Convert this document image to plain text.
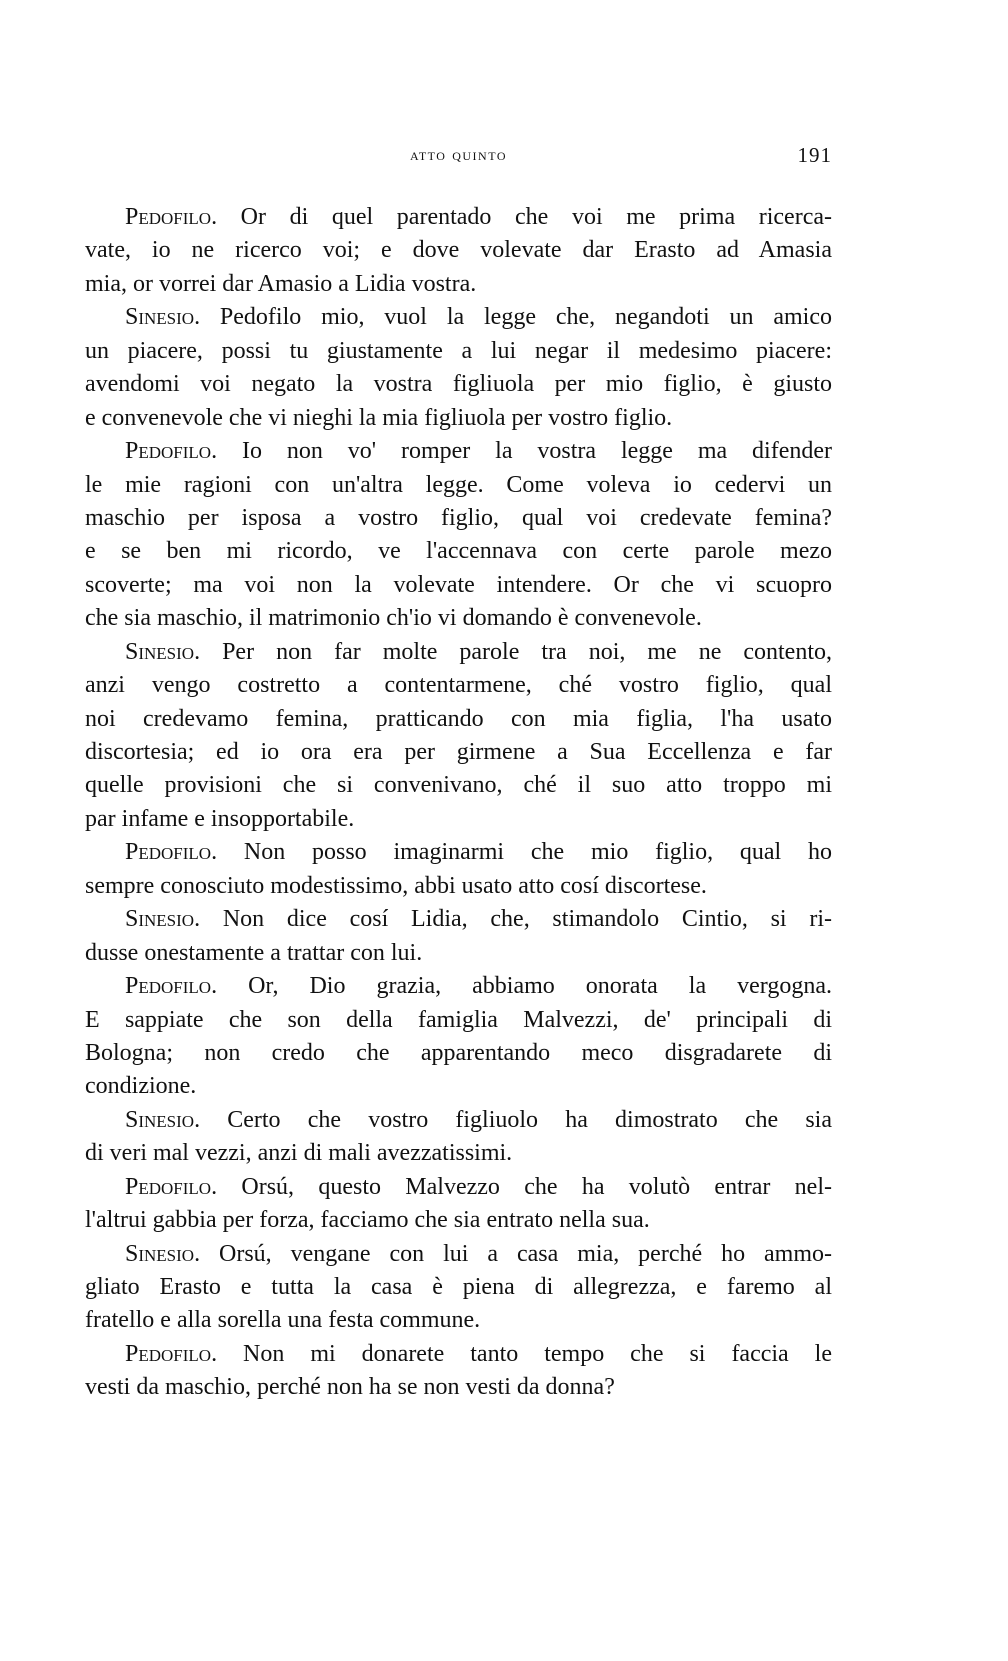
atto quinto	191
Pedofilo. Or di quel parentado che voi me prima ricerca-
vate, io ne ricerco voi; e dove volevate dar Erasto ad Amasia
mia, or vorrei dar Amasio a Lidia vostra.
Sinesio. Pedofilo mio, vuol la legge che, negandoti un amico
un piacere, possi tu giustamente a lui negar il medesimo piacere:
avendomi voi negato la vostra figliuola per mio figlio, è giusto
e convenevole che vi nieghi la mia figliuola per vostro figlio.
Pedofilo. Io non vo' romper la vostra legge ma difender
le mie ragioni con un'altra legge. Come voleva io cedervi un
maschio per isposa a vostro figlio, qual voi credevate femina?
e se ben mi ricordo, ve l'accennava con certe parole mezo
scoverte; ma voi non la volevate intendere. Or che vi scuopro
che sia maschio, il matrimonio ch'io vi domando è convenevole.
Sinesio. Per non far molte parole tra noi, me ne contento,
anzi vengo costretto a contentarmene, ché vostro figlio, qual
noi credevamo femina, pratticando con mia figlia, l'ha usato
discortesia; ed io ora era per girmene a Sua Eccellenza e far
quelle provisioni che si convenivano, ché il suo atto troppo mi
par infame e insopportabile.
Pedofilo. Non posso imaginarmi che mio figlio, qual ho
sempre conosciuto modestissimo, abbi usato atto cosí discortese.
Sinesio. Non dice cosí Lidia, che, stimandolo Cintio, si ri-
dusse onestamente a trattar con lui.
Pedofilo. Or, Dio grazia, abbiamo onorata la vergogna.
E sappiate che son della famiglia Malvezzi, de' principali di
Bologna; non credo che apparentando meco disgradarete di
condizione.
Sinesio. Certo che vostro figliuolo ha dimostrato che sia
di veri mal vezzi, anzi di mali avezzatissimi.
Pedofilo. Orsú, questo Malvezzo che ha volutò entrar nel-
l'altrui gabbia per forza, facciamo che sia entrato nella sua.
Sinesio. Orsú, vengane con lui a casa mia, perché ho ammo-
gliato Erasto e tutta la casa è piena di allegrezza, e faremo al
fratello e alla sorella una festa commune.
Pedofilo. Non mi donarete tanto tempo che si faccia le
vesti da maschio, perché non ha se non vesti da donna?
